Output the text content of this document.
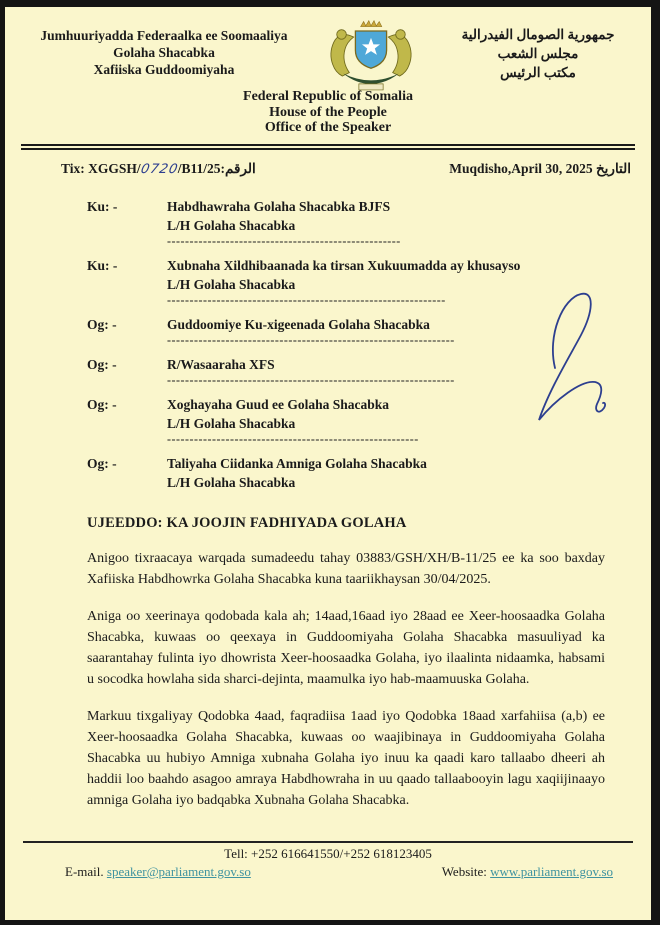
Jumhuuriyadda Federaalka ee Soomaaliya
Golaha Shacabka
Xafiiska Guddoomiyaha
جمهورية الصومال الفيدرالية
مجلس الشعب
مكتب الرئيس
Federal Republic of Somalia
House of the People
Office of the Speaker
Tix: XGGSH/0720/B11/25:الرقم	Muqdisho,April 30, 2025 التاريخ
Ku: -	Habdhawraha Golaha Shacabka BJFS
L/H Golaha Shacabka
----------------------------------------------------
Ku: -	Xubnaha Xildhibaanada ka tirsan Xukuumadda ay khusayso
L/H Golaha Shacabka
--------------------------------------------------------------
Og: -	Guddoomiye Ku-xigeenada Golaha Shacabka
----------------------------------------------------------------
Og: -	R/Wasaaraha XFS
----------------------------------------------------------------
Og: -	Xoghayaha Guud ee Golaha Shacabka
L/H Golaha Shacabka
--------------------------------------------------------
Og: -	Taliyaha Ciidanka Amniga Golaha Shacabka
L/H Golaha Shacabka
UJEEDDO: KA JOOJIN FADHIYADA GOLAHA

Anigoo tixraacaya warqada sumadeedu tahay 03883/GSH/XH/B-11/25 ee ka soo baxday Xafiiska Habdhowrka Golaha Shacabka kuna taariikhaysan 30/04/2025.

Aniga oo xeerinaya qodobada kala ah; 14aad,16aad iyo 28aad ee Xeer-hoosaadka Golaha Shacabka, kuwaas oo qeexaya in Guddoomiyaha Golaha Shacabka masuuliyad ka saarantahay fulinta iyo dhowrista Xeer-hoosaadka Golaha, iyo ilaalinta nidaamka, habsami u socodka howlaha sida sharci-dejinta, maamulka iyo hab-maamuuska Golaha.

Markuu tixgaliyay Qodobka 4aad, faqradiisa 1aad iyo Qodobka 18aad xarfahiisa (a,b) ee Xeer-hoosaadka Golaha Shacabka, kuwaas oo waajibinaya in Guddoomiyaha Golaha Shacabka uu hubiyo Amniga xubnaha Golaha iyo inuu ka qaadi karo tallaabo dheeri ah haddii loo baahdo asagoo amraya Habdhowraha in uu qaado tallaabooyin lagu xaqiijinaayo amniga Golaha iyo badqabka Xubnaha Golaha Shacabka.

Tell: +252 616641550/+252 618123405
E-mail. speaker@parliament.gov.so	Website: www.parliament.gov.so
